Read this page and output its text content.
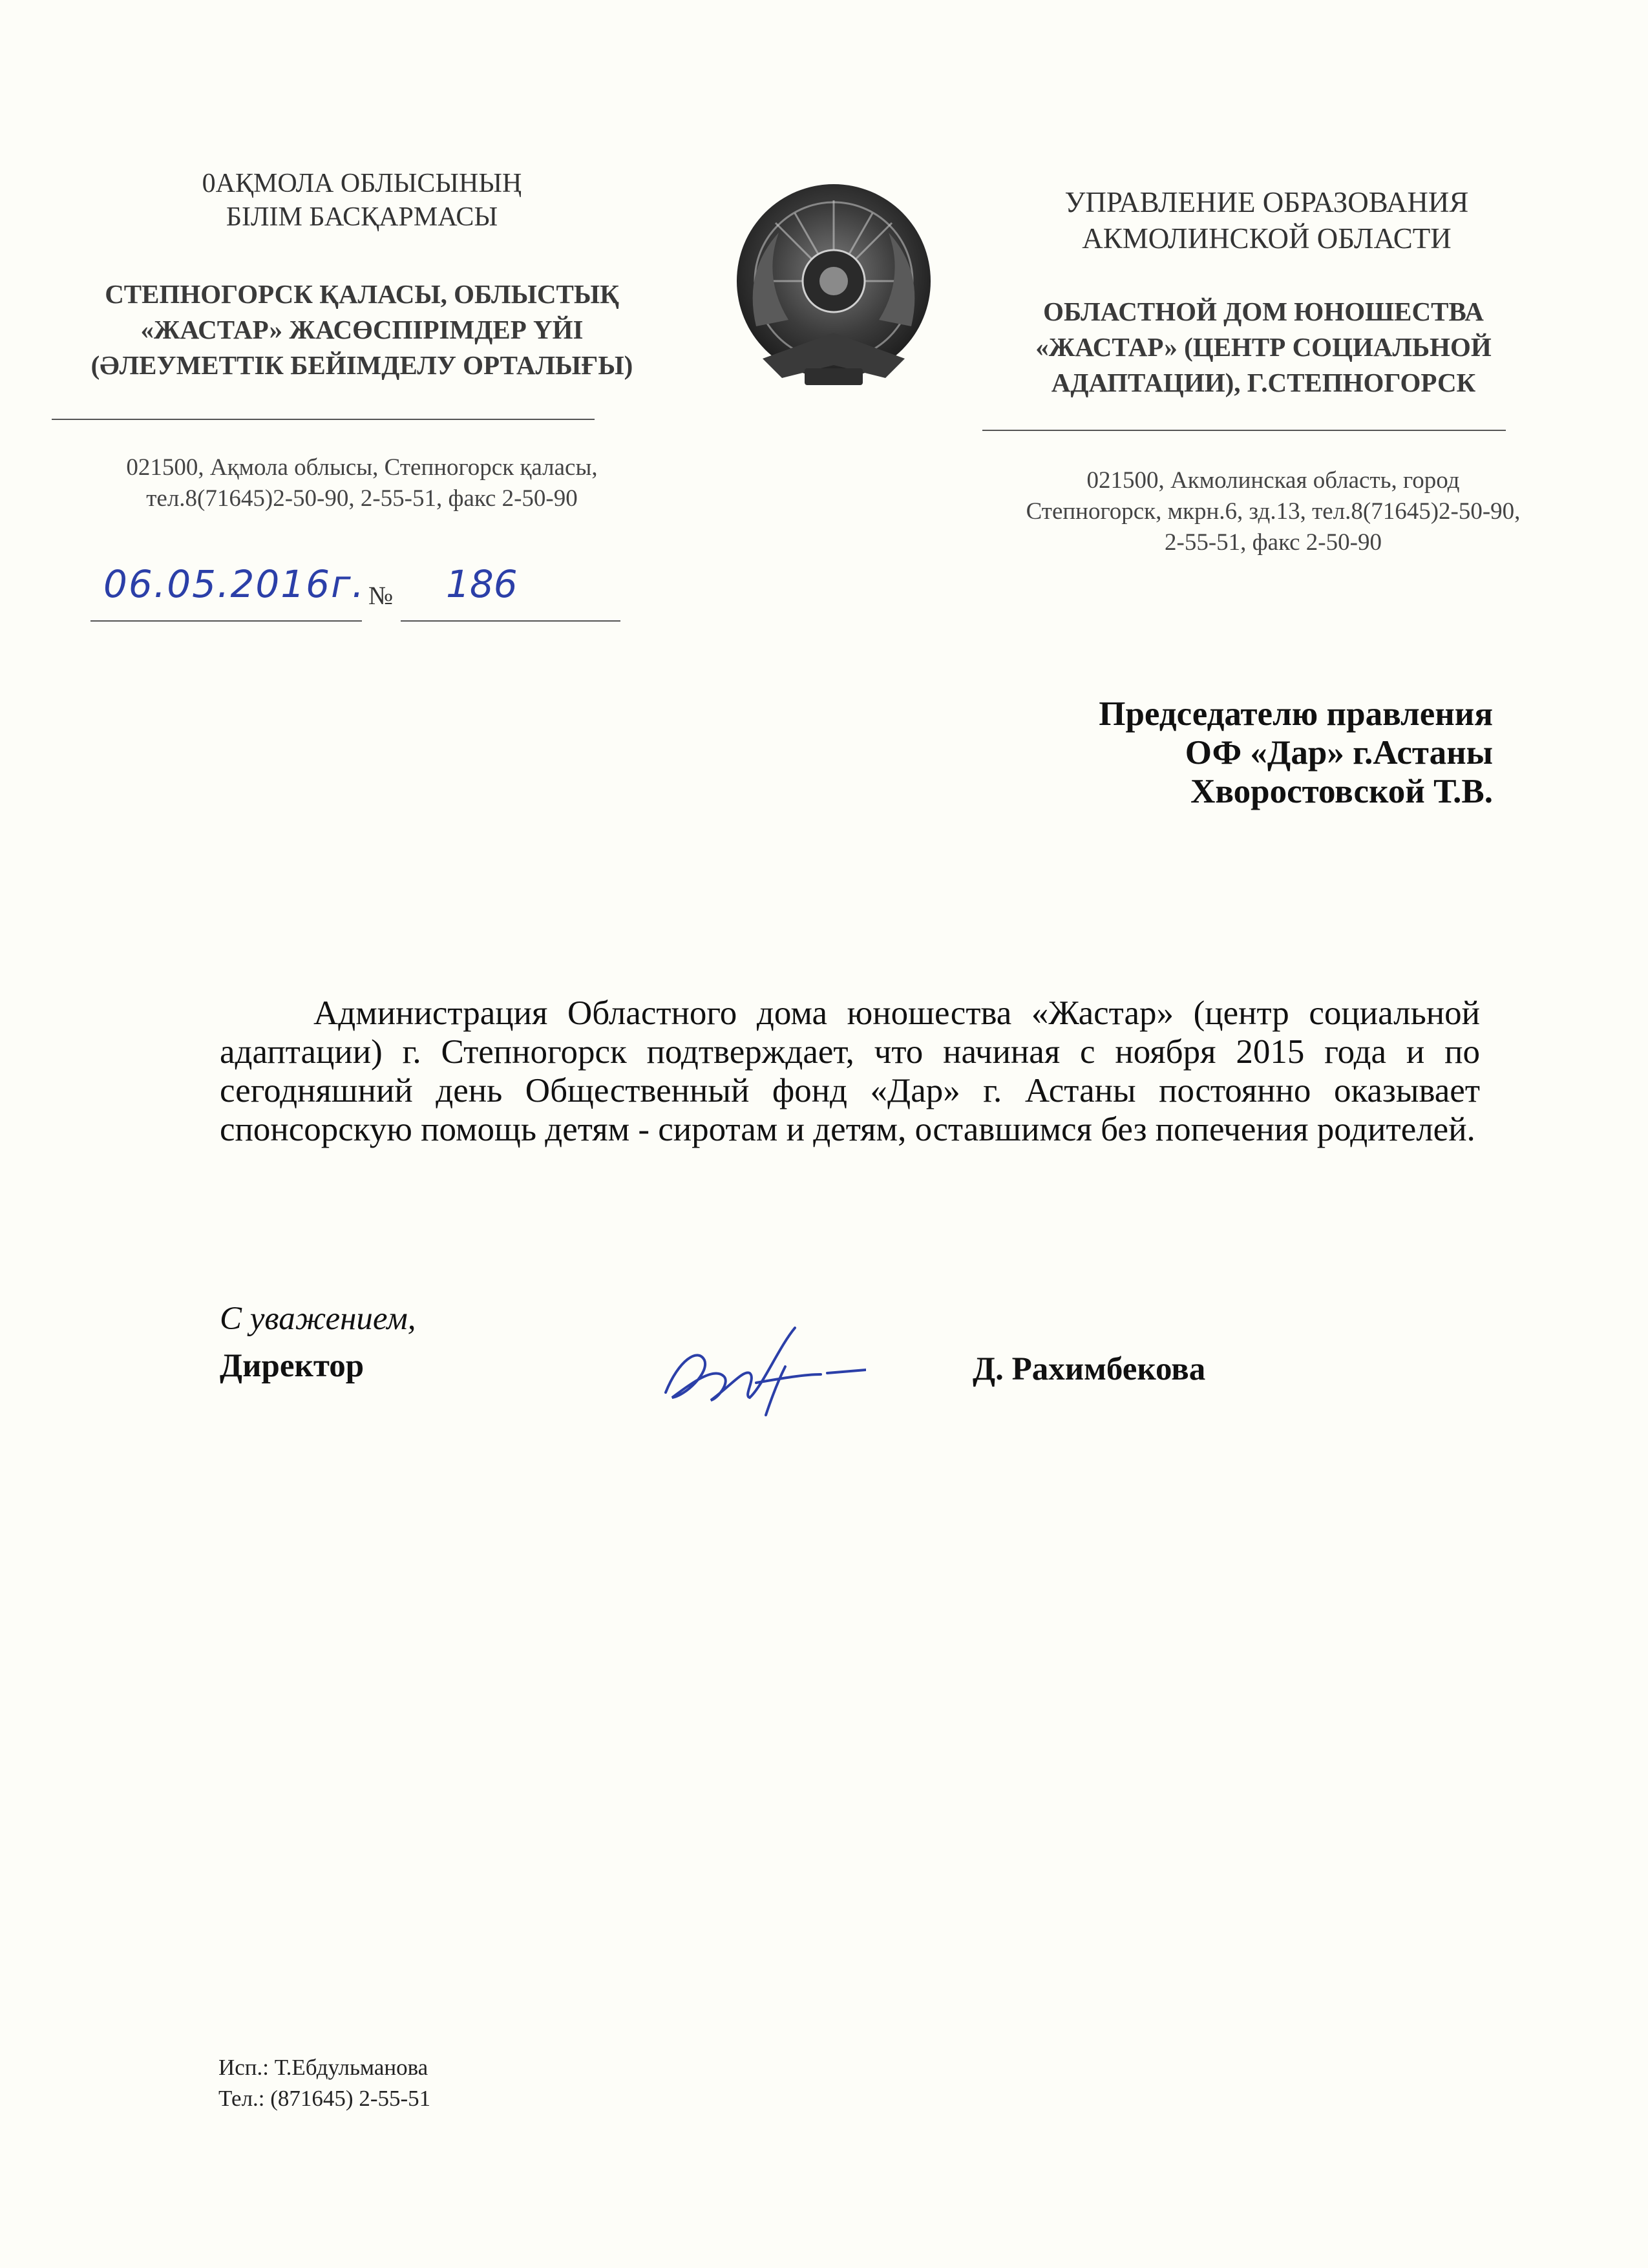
0АҚМОЛА ОБЛЫСЫНЫҢ
БІЛІМ БАСҚАРМАСЫ
СТЕПНОГОРСК ҚАЛАСЫ, ОБЛЫСТЫҚ
«ЖАСТАР» ЖАСӨСПІРІМДЕР ҮЙІ
(ӘЛЕУМЕТТІК БЕЙІМДЕЛУ ОРТАЛЫҒЫ)
021500, Ақмола облысы, Степногорск қаласы,
тел.8(71645)2-50-90, 2-55-51, факс 2-50-90
УПРАВЛЕНИЕ ОБРАЗОВАНИЯ
АКМОЛИНСКОЙ ОБЛАСТИ
ОБЛАСТНОЙ ДОМ ЮНОШЕСТВА
«ЖАСТАР» (ЦЕНТР СОЦИАЛЬНОЙ
АДАПТАЦИИ), Г.СТЕПНОГОРСК
021500, Акмолинская область, город
Степногорск, мкрн.6, зд.13, тел.8(71645)2-50-90,
2-55-51, факс 2-50-90
06.05.2016г. № 186
Председателю правления
ОФ «Дар» г.Астаны
Хворостовской Т.В.
Администрация Областного дома юношества «Жастар» (центр социальной адаптации) г. Степногорск подтверждает, что начиная с ноября 2015 года и по сегодняшний день Общественный фонд «Дар» г. Астаны постоянно оказывает спонсорскую помощь детям - сиротам и детям, оставшимся без попечения родителей.
С уважением,
Директор	Д. Рахимбекова
Исп.: Т.Ебдульманова
Тел.: (871645) 2-55-51
